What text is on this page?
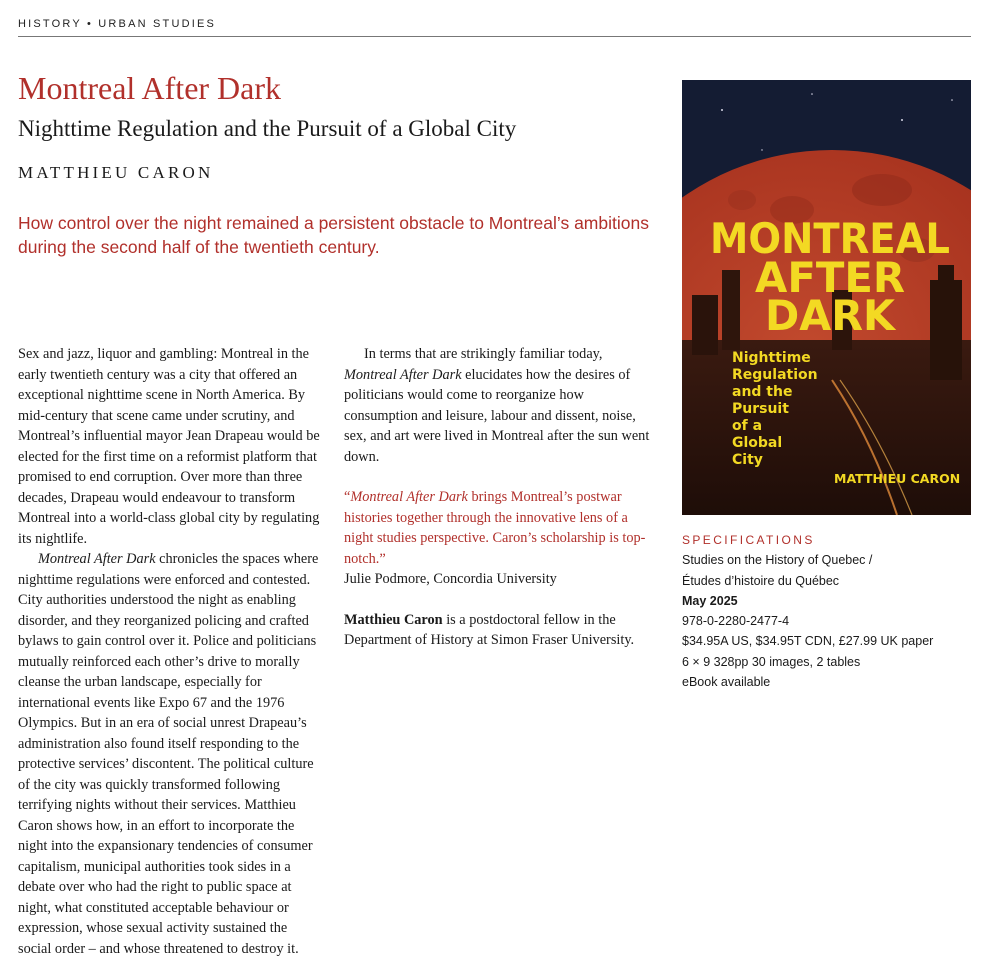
HISTORY • URBAN STUDIES
Montreal After Dark
Nighttime Regulation and the Pursuit of a Global City
MATTHIEU CARON
How control over the night remained a persistent obstacle to Montreal’s ambitions during the second half of the twentieth century.

Sex and jazz, liquor and gambling: Montreal in the early twentieth century was a city that offered an exceptional nighttime scene in North America. By mid-century that scene came under scrutiny, and Montreal’s influential mayor Jean Drapeau would be elected for the first time on a reformist platform that promised to end corruption. Over more than three decades, Drapeau would endeavour to transform Montreal into a world-class global city by regulating its nightlife.

Montreal After Dark chronicles the spaces where nighttime regulations were enforced and contested. City authorities understood the night as enabling disorder, and they reorganized policing and crafted bylaws to gain control over it. Police and politicians mutually reinforced each other’s drive to morally cleanse the urban landscape, especially for international events like Expo 67 and the 1976 Olympics. But in an era of social unrest Drapeau’s administration also found itself responding to the protective services’ discontent. The political culture of the city was quickly transformed following terrifying nights without their services. Matthieu Caron shows how, in an effort to incorporate the night into the expansionary tendencies of consumer capitalism, municipal authorities took sides in a debate over who had the right to public space at night, what constituted acceptable behaviour or expression, whose sexual activity sustained the social order – and whose threatened to destroy it.

In terms that are strikingly familiar today, Montreal After Dark elucidates how the desires of politicians would come to reorganize how consumption and leisure, labour and dissent, noise, sex, and art were lived in Montreal after the sun went down.

“Montreal After Dark brings Montreal’s postwar histories together through the innovative lens of a night studies perspective. Caron’s scholarship is top-notch.”

Julie Podmore, Concordia University

Matthieu Caron is a postdoctoral fellow in the Department of History at Simon Fraser University.

MONTREAL
AFTER
DARK
Nighttime
Regulation
and the
Pursuit
of a
Global
City
MATTHIEU CARON
SPECIFICATIONS
Studies on the History of Quebec /
Études d’histoire du Québec
May 2025
978-0-2280-2477-4
$34.95A US, $34.95T CDN, £27.99 UK paper
6 × 9 328pp 30 images, 2 tables
eBook available
